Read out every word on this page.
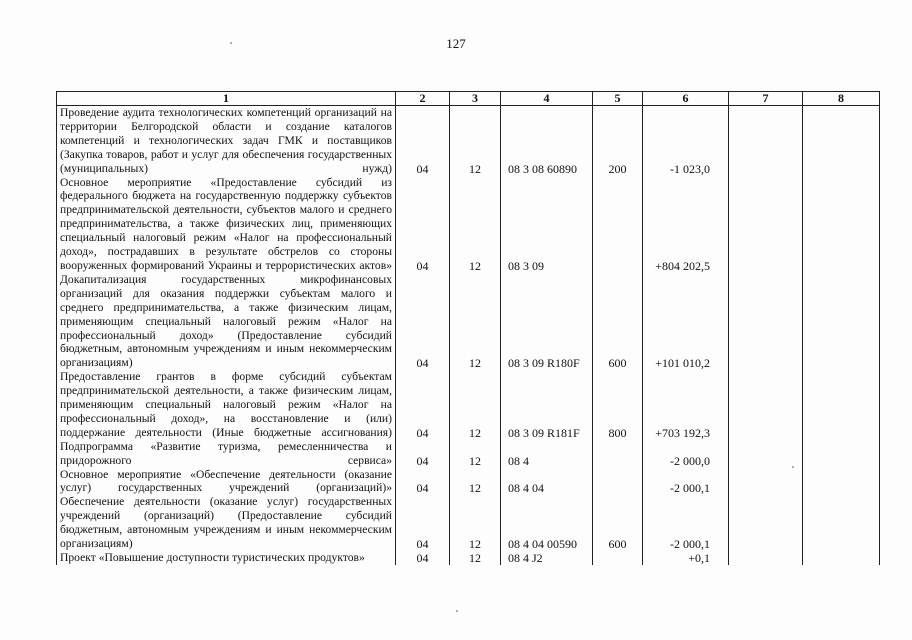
127
1	2	3	4	5	6	7	8
Проведение аудита технологических компетенций организаций на территории Белгородской области и создание каталогов компетенций и технологических задач ГМК и поставщиков (Закупка товаров, работ и услуг для обеспечения государственных (муниципальных) нужд)	04	12	08 3 08 60890	200	-1 023,0		
Основное мероприятие «Предоставление субсидий из федерального бюджета на государственную поддержку субъектов предпринимательской деятельности, субъектов малого и среднего предпринимательства, а также физических лиц, применяющих специальный налоговый режим «Налог на профессиональный доход», пострадавших в результате обстрелов со стороны вооруженных формирований Украины и террористических актов»	04	12	08 3 09		+804 202,5		
Докапитализация государственных микрофинансовых организаций для оказания поддержки субъектам малого и среднего предпринимательства, а также физическим лицам, применяющим специальный налоговый режим «Налог на профессиональный доход» (Предоставление субсидий бюджетным, автономным учреждениям и иным некоммерческим организациям)	04	12	08 3 09 R180F	600	+101 010,2		
Предоставление грантов в форме субсидий субъектам предпринимательской деятельности, а также физическим лицам, применяющим специальный налоговый режим «Налог на профессиональный доход», на восстановление и (или) поддержание деятельности (Иные бюджетные ассигнования)	04	12	08 3 09 R181F	800	+703 192,3		
Подпрограмма «Развитие туризма, ремесленничества и придорожного сервиса»	04	12	08 4		-2 000,0		
Основное мероприятие «Обеспечение деятельности (оказание услуг) государственных учреждений (организаций)»	04	12	08 4 04		-2 000,1		
Обеспечение деятельности (оказание услуг) государственных учреждений (организаций) (Предоставление субсидий бюджетным, автономным учреждениям и иным некоммерческим организациям)	04	12	08 4 04 00590	600	-2 000,1		
Проект «Повышение доступности туристических продуктов»	04	12	08 4 J2		+0,1		
